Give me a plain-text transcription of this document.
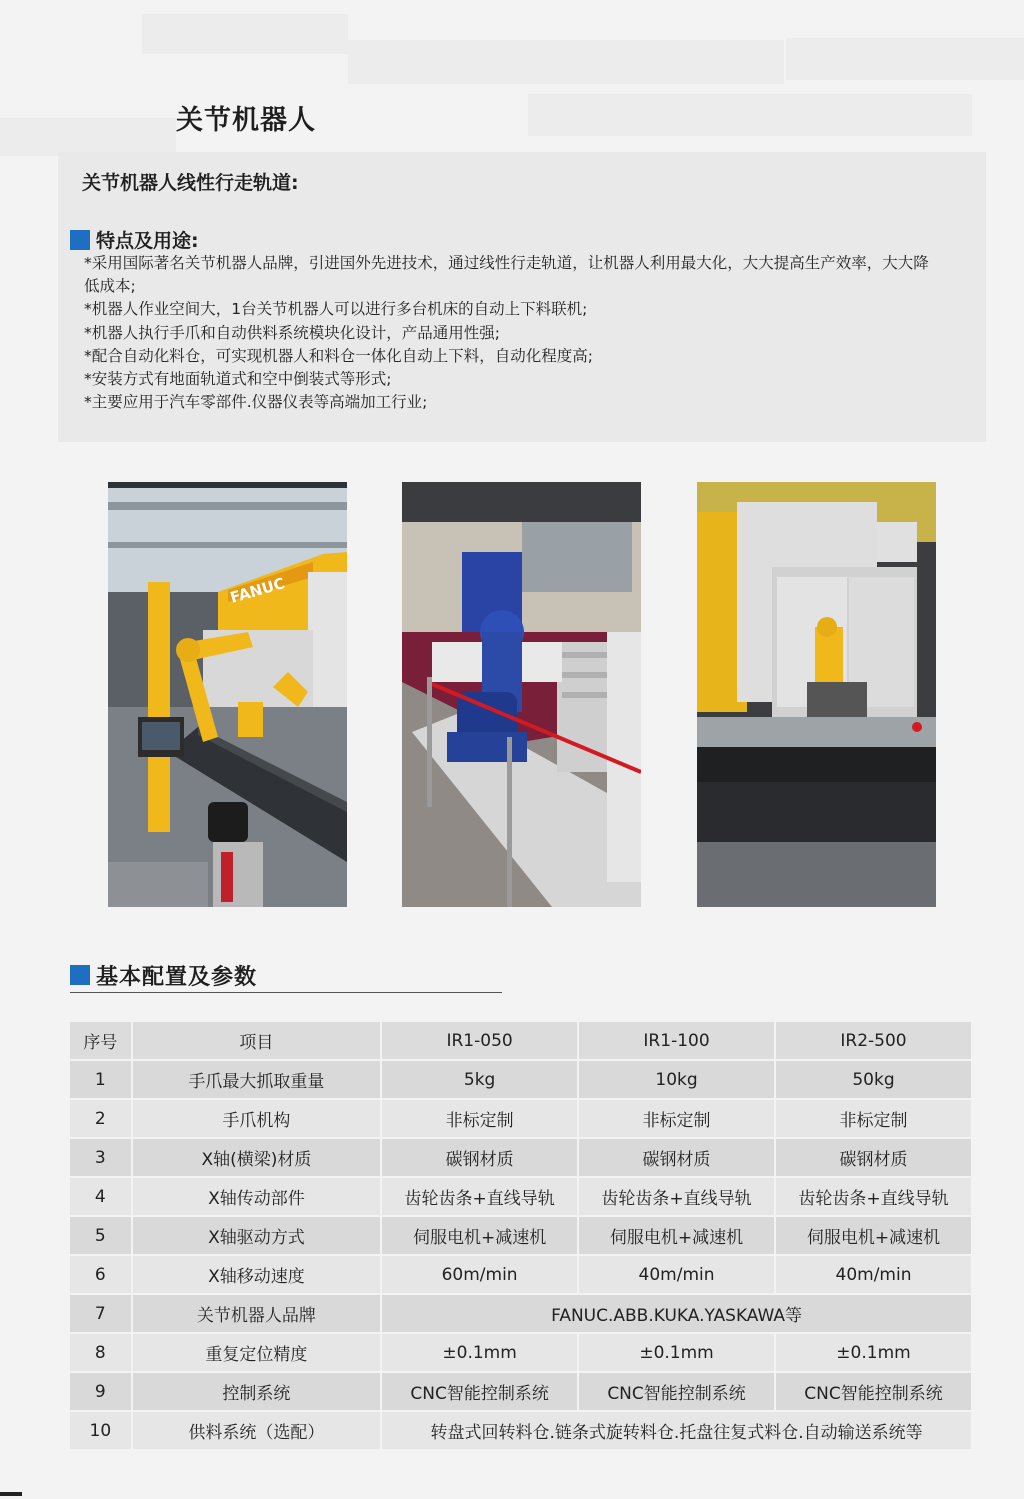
关节机器人
关节机器人线性行走轨道:
特点及用途:
*采用国际著名关节机器人品牌，引进国外先进技术，通过线性行走轨道，让机器人利用最大化，大大提高生产效率，大大降低成本;
*机器人作业空间大，1台关节机器人可以进行多台机床的自动上下料联机;
*机器人执行手爪和自动供料系统模块化设计，产品通用性强;
*配合自动化料仓，可实现机器人和料仓一体化自动上下料，自动化程度高;
*安装方式有地面轨道式和空中倒装式等形式;
*主要应用于汽车零部件.仪器仪表等高端加工行业;
FANUC
基本配置及参数
序号	项目	IR1-050	IR1-100	IR2-500
1	手爪最大抓取重量	5kg	10kg	50kg
2	手爪机构	非标定制	非标定制	非标定制
3	X轴(横梁)材质	碳钢材质	碳钢材质	碳钢材质
4	X轴传动部件	齿轮齿条+直线导轨	齿轮齿条+直线导轨	齿轮齿条+直线导轨
5	X轴驱动方式	伺服电机+减速机	伺服电机+减速机	伺服电机+减速机
6	X轴移动速度	60m/min	40m/min	40m/min
7	关节机器人品牌	FANUC.ABB.KUKA.YASKAWA等		
8	重复定位精度	±0.1mm	±0.1mm	±0.1mm
9	控制系统	CNC智能控制系统	CNC智能控制系统	CNC智能控制系统
10	供料系统（选配）	转盘式回转料仓.链条式旋转料仓.托盘往复式料仓.自动输送系统等		
